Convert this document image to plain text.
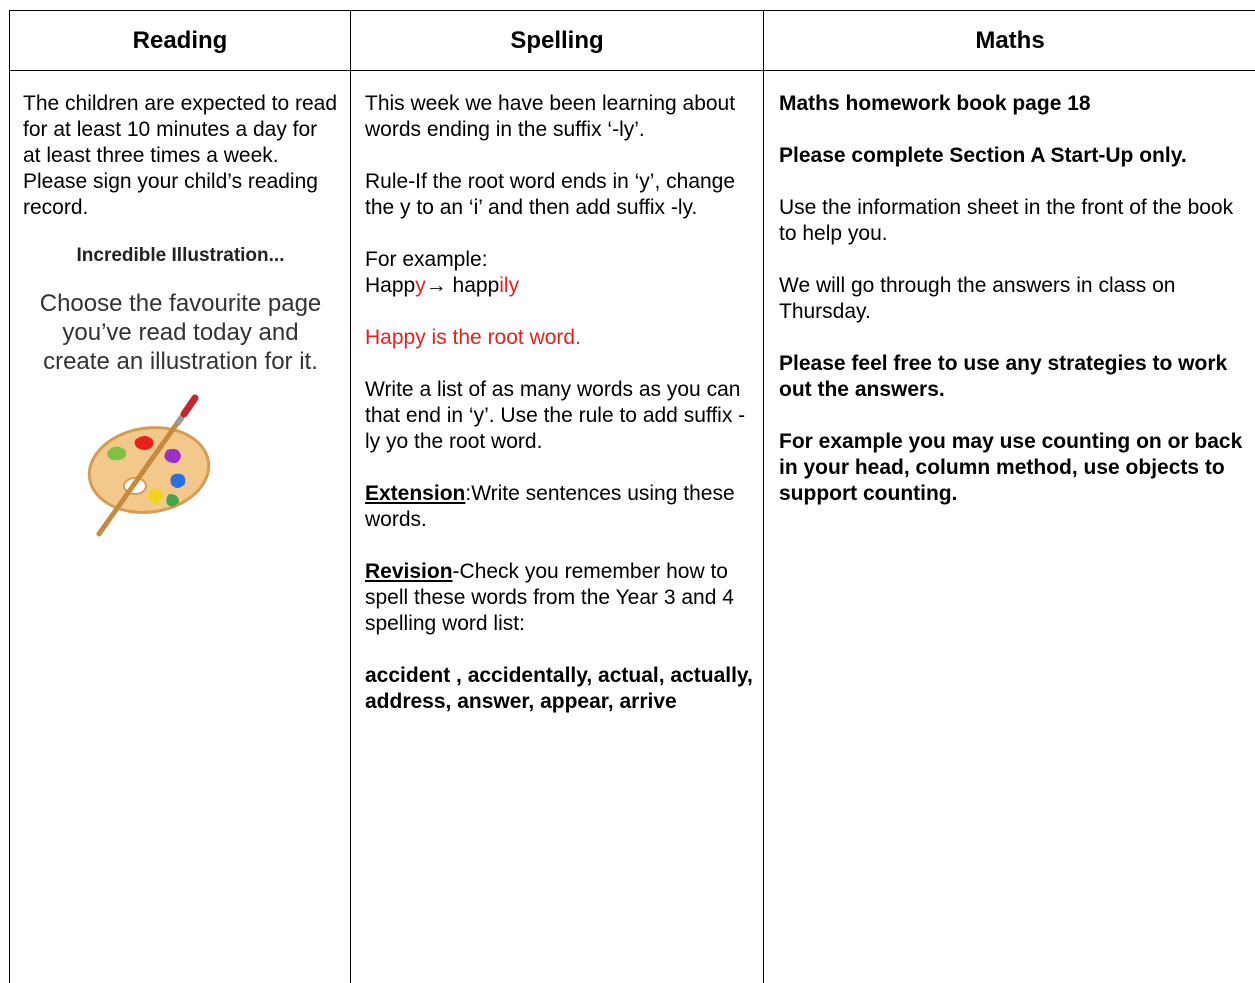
Reading

The children are expected to read for at least 10 minutes a day for at least three times a week.

Please sign your child’s reading record.

Incredible Illustration...
Choose the favourite page you’ve read today and create an illustration for it.
Spelling

This week we have been learning about words ending in the suffix ‘-ly’.

Rule-If the root word ends in ‘y’, change the y to an ‘i’ and then add suffix -ly.

For example:

Happy→ happily

Happy is the root word.

Write a list of as many words as you can that end in ‘y’. Use the rule to add suffix -ly yo the root word.

Extension:Write sentences using these words.

Revision-Check you remember how to spell these words from the Year 3 and 4 spelling word list:

accident , accidentally, actual, actually, address, answer, appear, arrive

Maths

Maths homework book page 18

Please complete Section A Start-Up only.

Use the information sheet in the front of the book to help you.

We will go through the answers in class on Thursday.

Please feel free to use any strategies to work out the answers.

For example you may use counting on or back in your head, column method, use objects to support counting.
